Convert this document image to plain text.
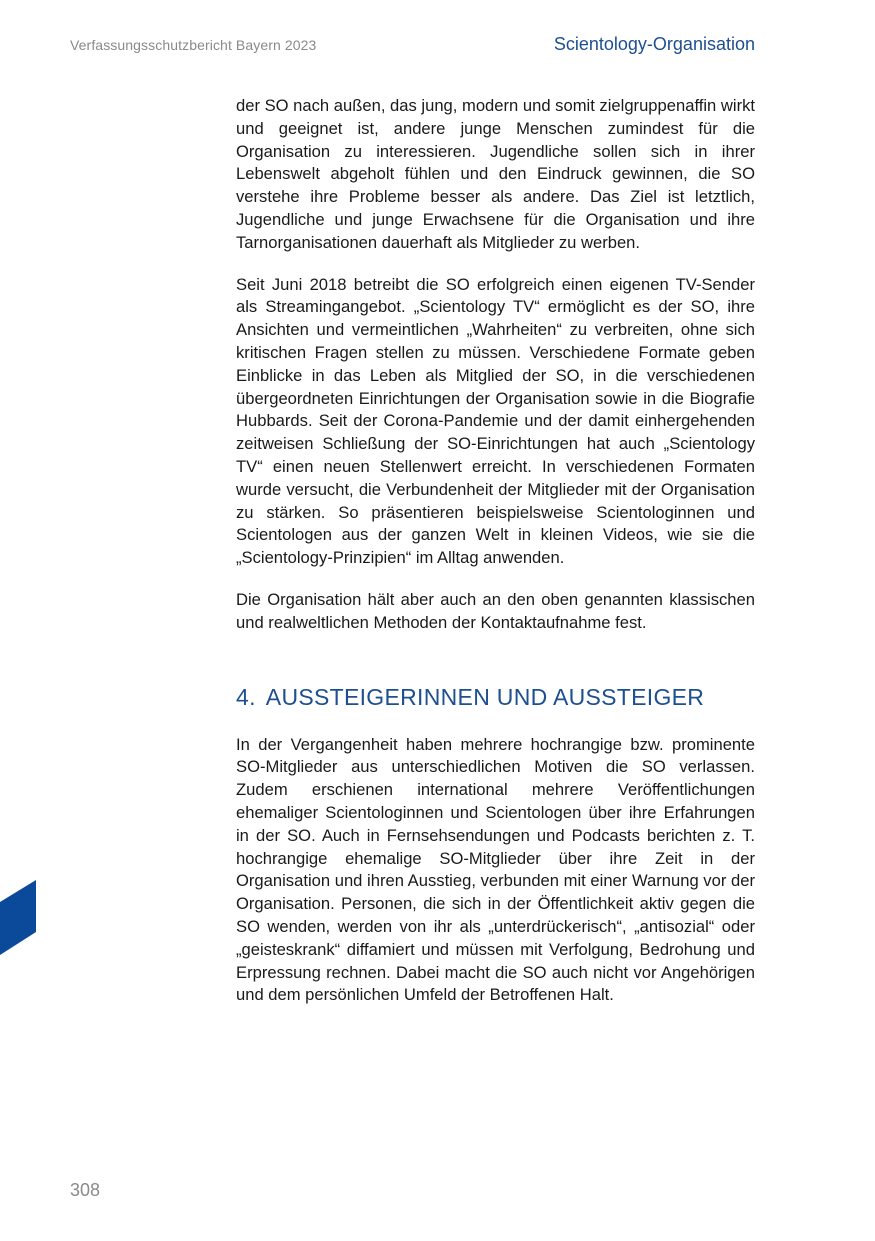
Verfassungsschutzbericht Bayern 2023	Scientology-Organisation

der SO nach außen, das jung, modern und somit zielgruppenaffin wirkt und geeignet ist, andere junge Menschen zumindest für die Organisation zu interessieren. Jugendliche sollen sich in ihrer Lebenswelt abgeholt fühlen und den Eindruck gewinnen, die SO verstehe ihre Probleme besser als andere. Das Ziel ist letztlich, Jugendliche und junge Erwachsene für die Organisation und ihre Tarnorganisationen dauerhaft als Mitglieder zu werben.

Seit Juni 2018 betreibt die SO erfolgreich einen eigenen TV-Sender als Streamingangebot. „Scientology TV“ ermöglicht es der SO, ihre Ansichten und vermeintlichen „Wahrheiten“ zu verbreiten, ohne sich kritischen Fragen stellen zu müssen. Verschiedene Formate geben Einblicke in das Leben als Mitglied der SO, in die verschiedenen übergeordneten Einrichtungen der Organisation sowie in die Biografie Hubbards. Seit der Corona-Pandemie und der damit einhergehenden zeitweisen Schließung der SO-Einrichtungen hat auch „Scientology TV“ einen neuen Stellenwert erreicht. In verschiedenen Formaten wurde versucht, die Verbundenheit der Mitglieder mit der Organisation zu stärken. So präsentieren beispielsweise Scientologinnen und Scientologen aus der ganzen Welt in kleinen Videos, wie sie die „Scientology-Prinzipien“ im Alltag anwenden.

Die Organisation hält aber auch an den oben genannten klassischen und realweltlichen Methoden der Kontaktaufnahme fest.

4. AUSSTEIGERINNEN UND AUSSTEIGER

In der Vergangenheit haben mehrere hochrangige bzw. prominente SO-Mitglieder aus unterschiedlichen Motiven die SO verlassen. Zudem erschienen international mehrere Veröffentlichungen ehemaliger Scientologinnen und Scientologen über ihre Erfahrungen in der SO. Auch in Fernsehsendungen und Podcasts berichten z. T. hochrangige ehemalige SO-Mitglieder über ihre Zeit in der Organisation und ihren Ausstieg, verbunden mit einer Warnung vor der Organisation. Personen, die sich in der Öffentlichkeit aktiv gegen die SO wenden, werden von ihr als „unterdrückerisch“, „antisozial“ oder „geisteskrank“ diffamiert und müssen mit Verfolgung, Bedrohung und Erpressung rechnen. Dabei macht die SO auch nicht vor Angehörigen und dem persönlichen Umfeld der Betroffenen Halt.

308
